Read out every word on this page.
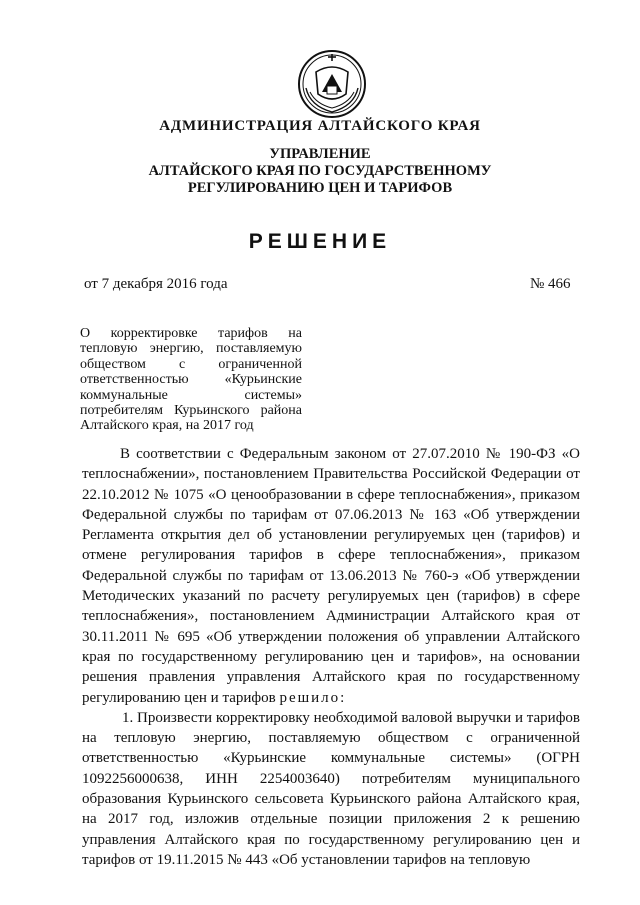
АДМИНИСТРАЦИЯ АЛТАЙСКОГО КРАЯ
УПРАВЛЕНИЕ
АЛТАЙСКОГО КРАЯ ПО ГОСУДАРСТВЕННОМУ
РЕГУЛИРОВАНИЮ ЦЕН И ТАРИФОВ
РЕШЕНИЕ
от 7 декабря 2016 года	№ 466
О корректировке тарифов на тепловую энергию, поставляемую обществом с ограниченной ответственностью «Курьинские коммунальные системы» потребителям Курьинского района Алтайского края, на 2017 год

В соответствии с Федеральным законом от 27.07.2010 № 190-ФЗ «О теплоснабжении», постановлением Правительства Российской Федерации от 22.10.2012 № 1075 «О ценообразовании в сфере теплоснабжения», приказом Федеральной службы по тарифам от 07.06.2013 № 163 «Об утверждении Регламента открытия дел об установлении регулируемых цен (тарифов) и отмене регулирования тарифов в сфере теплоснабжения», приказом Федеральной службы по тарифам от 13.06.2013 № 760-э «Об утверждении Методических указаний по расчету регулируемых цен (тарифов) в сфере теплоснабжения», постановлением Администрации Алтайского края от 30.11.2011 № 695 «Об утверждении положения об управлении Алтайского края по государственному регулированию цен и тарифов», на основании решения правления управления Алтайского края по государственному регулированию цен и тарифов решило:

1. Произвести корректировку необходимой валовой выручки и тарифов на тепловую энергию, поставляемую обществом с ограниченной ответственностью «Курьинские коммунальные системы» (ОГРН 1092256000638, ИНН 2254003640) потребителям муниципального образования Курьинского сельсовета Курьинского района Алтайского края, на 2017 год, изложив отдельные позиции приложения 2 к решению управления Алтайского края по государственному регулированию цен и тарифов от 19.11.2015 № 443 «Об установлении тарифов на тепловую
